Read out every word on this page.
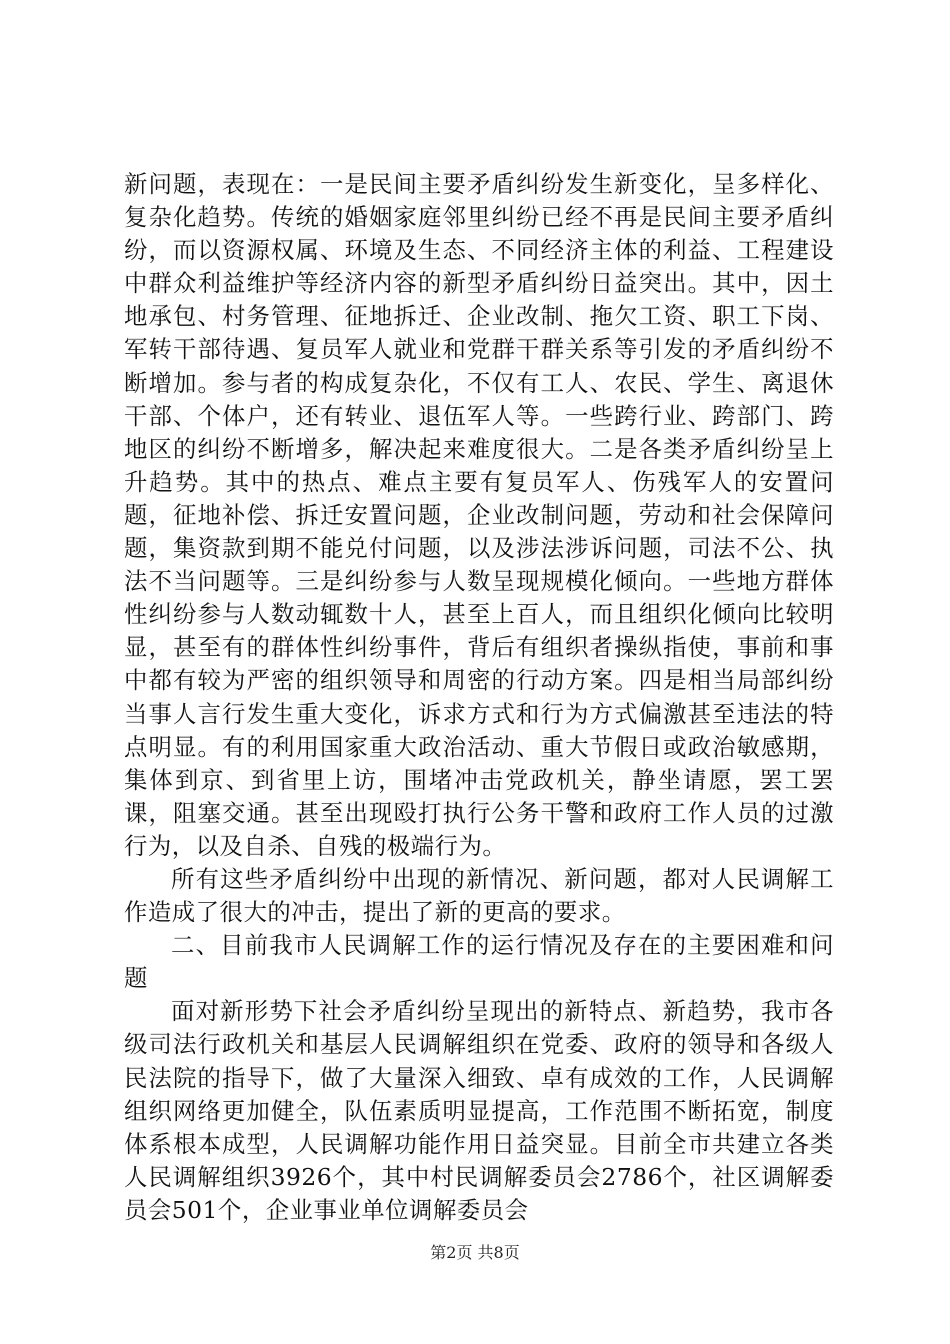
新问题，表现在：一是民间主要矛盾纠纷发生新变化，呈多样化、复杂化趋势。传统的婚姻家庭邻里纠纷已经不再是民间主要矛盾纠纷，而以资源权属、环境及生态、不同经济主体的利益、工程建设中群众利益维护等经济内容的新型矛盾纠纷日益突出。其中，因土地承包、村务管理、征地拆迁、企业改制、拖欠工资、职工下岗、军转干部待遇、复员军人就业和党群干群关系等引发的矛盾纠纷不断增加。参与者的构成复杂化，不仅有工人、农民、学生、离退休干部、个体户，还有转业、退伍军人等。一些跨行业、跨部门、跨地区的纠纷不断增多，解决起来难度很大。二是各类矛盾纠纷呈上升趋势。其中的热点、难点主要有复员军人、伤残军人的安置问题，征地补偿、拆迁安置问题，企业改制问题，劳动和社会保障问题，集资款到期不能兑付问题，以及涉法涉诉问题，司法不公、执法不当问题等。三是纠纷参与人数呈现规模化倾向。一些地方群体性纠纷参与人数动辄数十人，甚至上百人，而且组织化倾向比较明显，甚至有的群体性纠纷事件，背后有组织者操纵指使，事前和事中都有较为严密的组织领导和周密的行动方案。四是相当局部纠纷当事人言行发生重大变化，诉求方式和行为方式偏激甚至违法的特点明显。有的利用国家重大政治活动、重大节假日或政治敏感期，集体到京、到省里上访，围堵冲击党政机关，静坐请愿，罢工罢课，阻塞交通。甚至出现殴打执行公务干警和政府工作人员的过激行为，以及自杀、自残的极端行为。

所有这些矛盾纠纷中出现的新情况、新问题，都对人民调解工作造成了很大的冲击，提出了新的更高的要求。

二、目前我市人民调解工作的运行情况及存在的主要困难和问题

面对新形势下社会矛盾纠纷呈现出的新特点、新趋势，我市各级司法行政机关和基层人民调解组织在党委、政府的领导和各级人民法院的指导下，做了大量深入细致、卓有成效的工作，人民调解组织网络更加健全，队伍素质明显提高，工作范围不断拓宽，制度体系根本成型，人民调解功能作用日益突显。目前全市共建立各类人民调解组织3926个，其中村民调解委员会2786个，社区调解委员会501个，企业事业单位调解委员会

第2页 共8页
